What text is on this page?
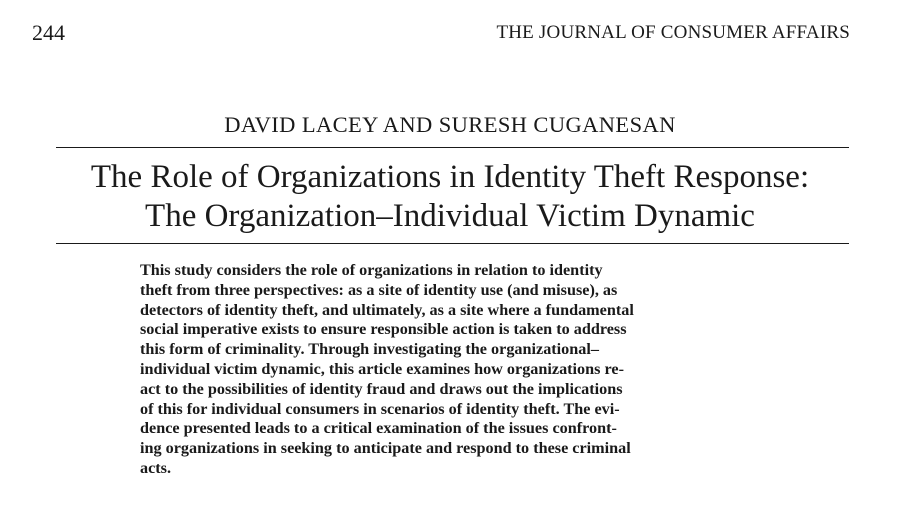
244	THE JOURNAL OF CONSUMER AFFAIRS
DAVID LACEY AND SURESH CUGANESAN
The Role of Organizations in Identity Theft Response:
The Organization–Individual Victim Dynamic

This study considers the role of organizations in relation to identity
theft from three perspectives: as a site of identity use (and misuse), as
detectors of identity theft, and ultimately, as a site where a fundamental
social imperative exists to ensure responsible action is taken to address
this form of criminality. Through investigating the organizational–
individual victim dynamic, this article examines how organizations re-
act to the possibilities of identity fraud and draws out the implications
of this for individual consumers in scenarios of identity theft. The evi-
dence presented leads to a critical examination of the issues confront-
ing organizations in seeking to anticipate and respond to these criminal
acts.
